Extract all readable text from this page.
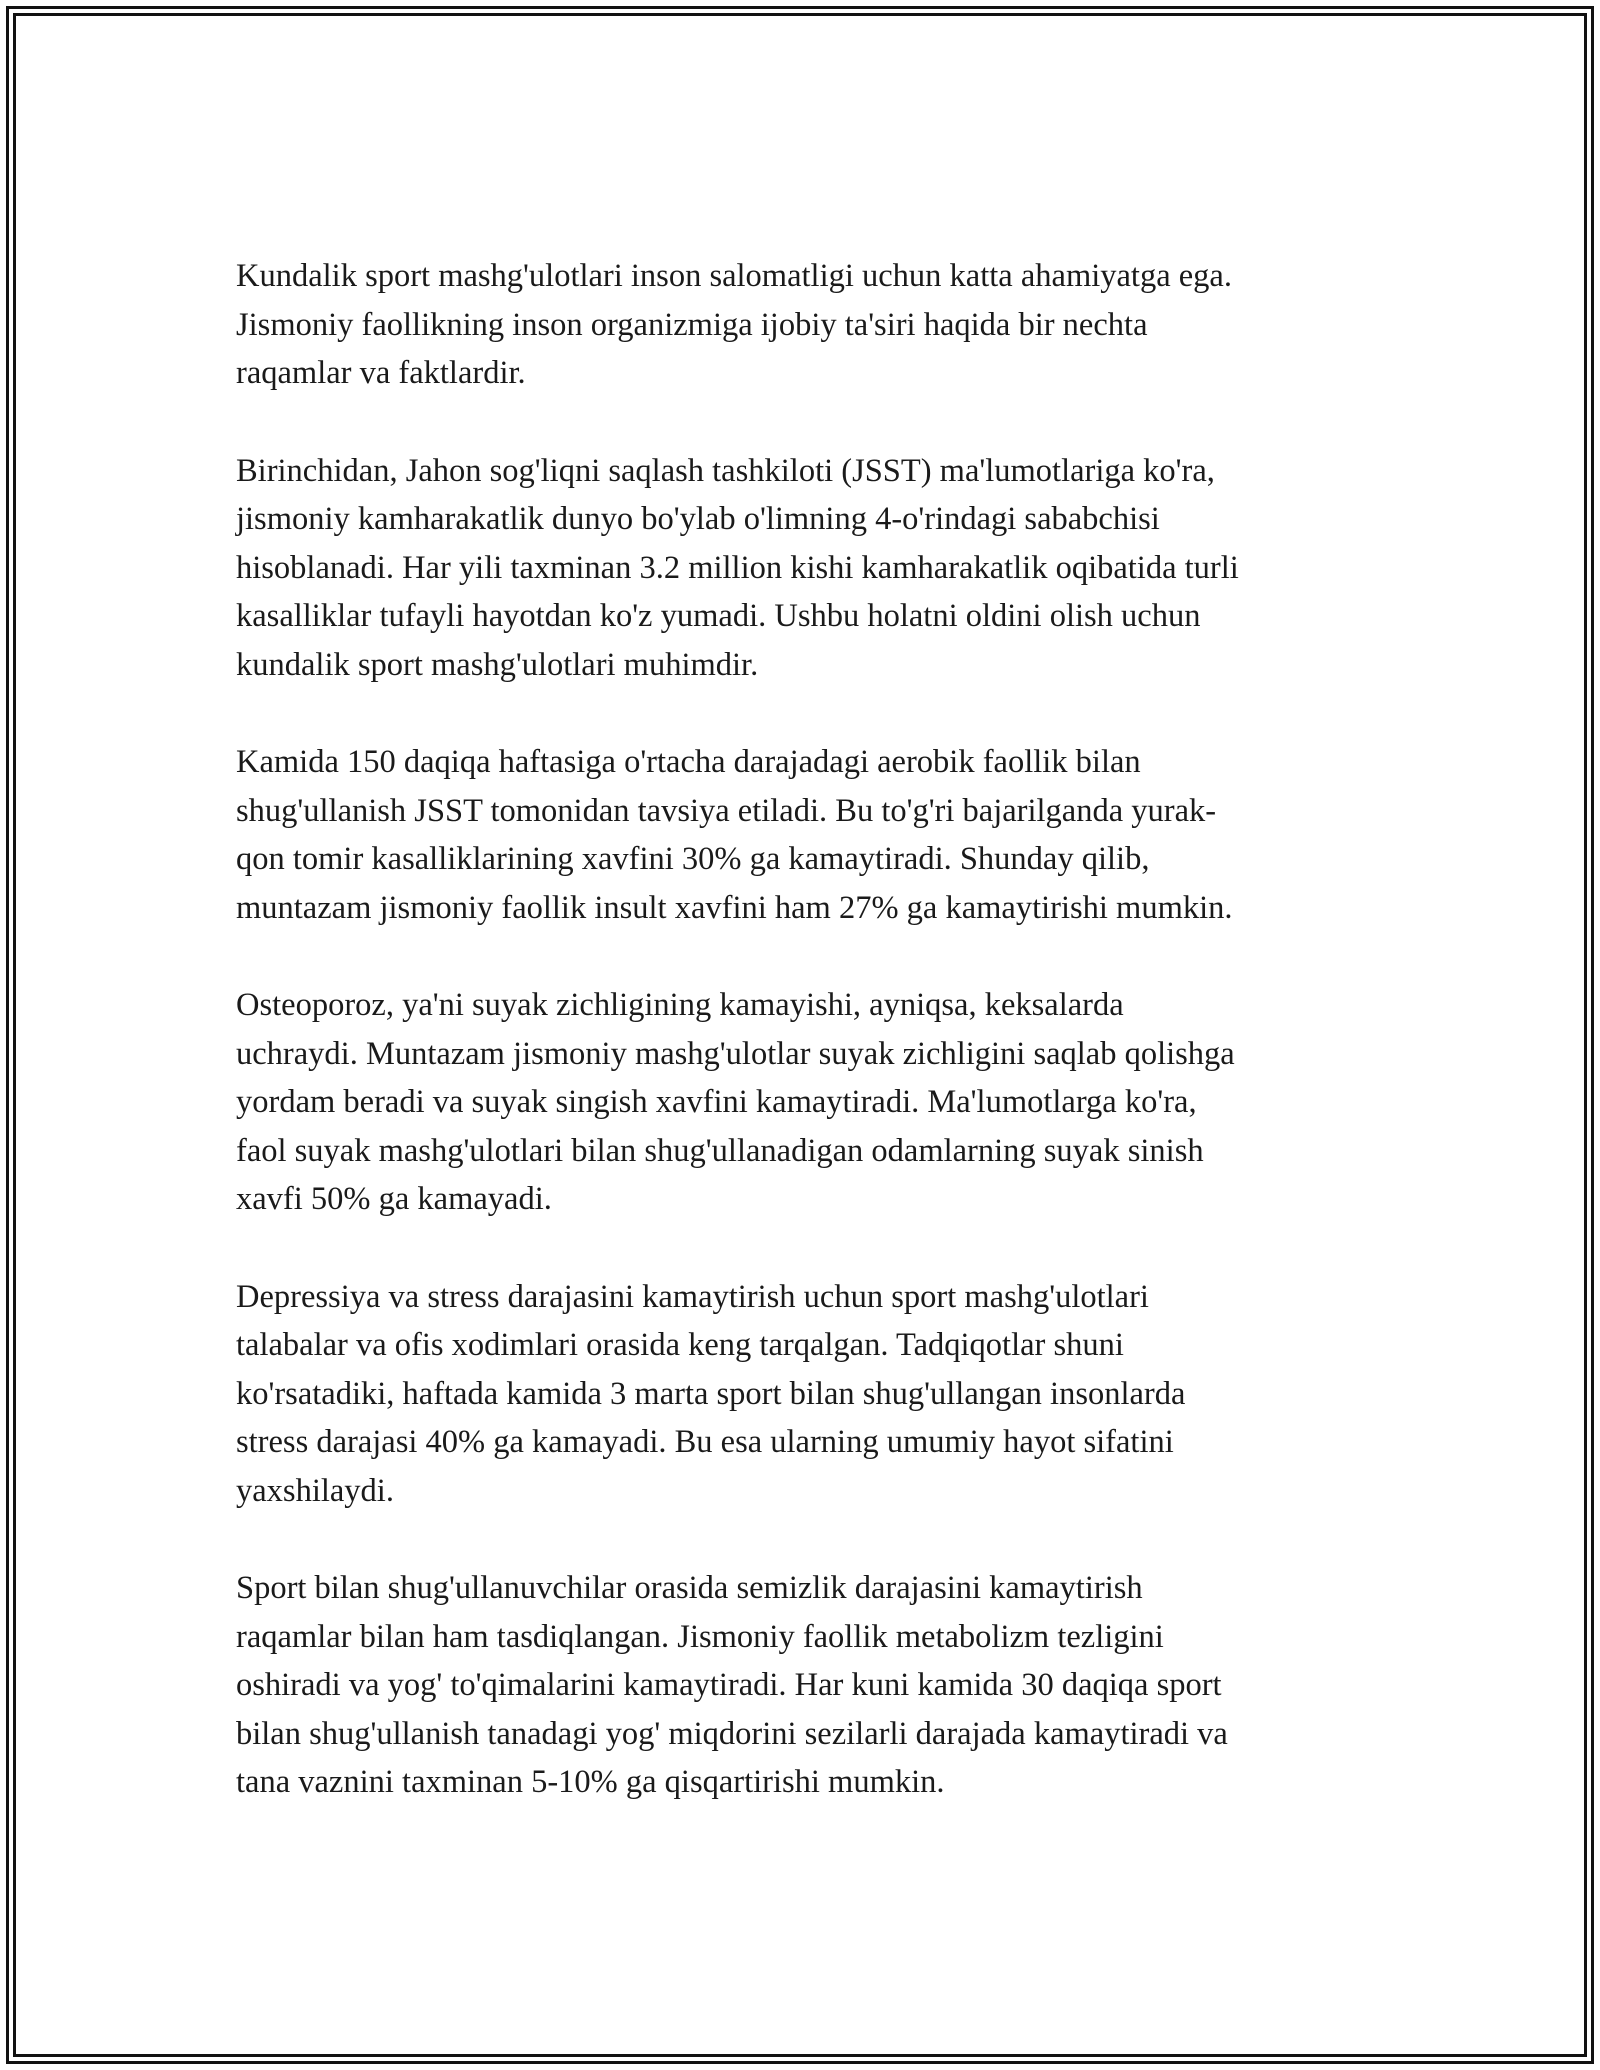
Kundalik sport mashg'ulotlari inson salomatligi uchun katta ahamiyatga ega.
Jismoniy faollikning inson organizmiga ijobiy ta'siri haqida bir nechta
raqamlar va faktlardir.

Birinchidan, Jahon sog'liqni saqlash tashkiloti (JSST) ma'lumotlariga ko'ra,
jismoniy kamharakatlik dunyo bo'ylab o'limning 4-o'rindagi sababchisi
hisoblanadi. Har yili taxminan 3.2 million kishi kamharakatlik oqibatida turli
kasalliklar tufayli hayotdan ko'z yumadi. Ushbu holatni oldini olish uchun
kundalik sport mashg'ulotlari muhimdir.

Kamida 150 daqiqa haftasiga o'rtacha darajadagi aerobik faollik bilan
shug'ullanish JSST tomonidan tavsiya etiladi. Bu to'g'ri bajarilganda yurak-
qon tomir kasalliklarining xavfini 30% ga kamaytiradi. Shunday qilib,
muntazam jismoniy faollik insult xavfini ham 27% ga kamaytirishi mumkin.

Osteoporoz, ya'ni suyak zichligining kamayishi, ayniqsa, keksalarda
uchraydi. Muntazam jismoniy mashg'ulotlar suyak zichligini saqlab qolishga
yordam beradi va suyak singish xavfini kamaytiradi. Ma'lumotlarga ko'ra,
faol suyak mashg'ulotlari bilan shug'ullanadigan odamlarning suyak sinish
xavfi 50% ga kamayadi.

Depressiya va stress darajasini kamaytirish uchun sport mashg'ulotlari
talabalar va ofis xodimlari orasida keng tarqalgan. Tadqiqotlar shuni
ko'rsatadiki, haftada kamida 3 marta sport bilan shug'ullangan insonlarda
stress darajasi 40% ga kamayadi. Bu esa ularning umumiy hayot sifatini
yaxshilaydi.

Sport bilan shug'ullanuvchilar orasida semizlik darajasini kamaytirish
raqamlar bilan ham tasdiqlangan. Jismoniy faollik metabolizm tezligini
oshiradi va yog' to'qimalarini kamaytiradi. Har kuni kamida 30 daqiqa sport
bilan shug'ullanish tanadagi yog' miqdorini sezilarli darajada kamaytiradi va
tana vaznini taxminan 5-10% ga qisqartirishi mumkin.
